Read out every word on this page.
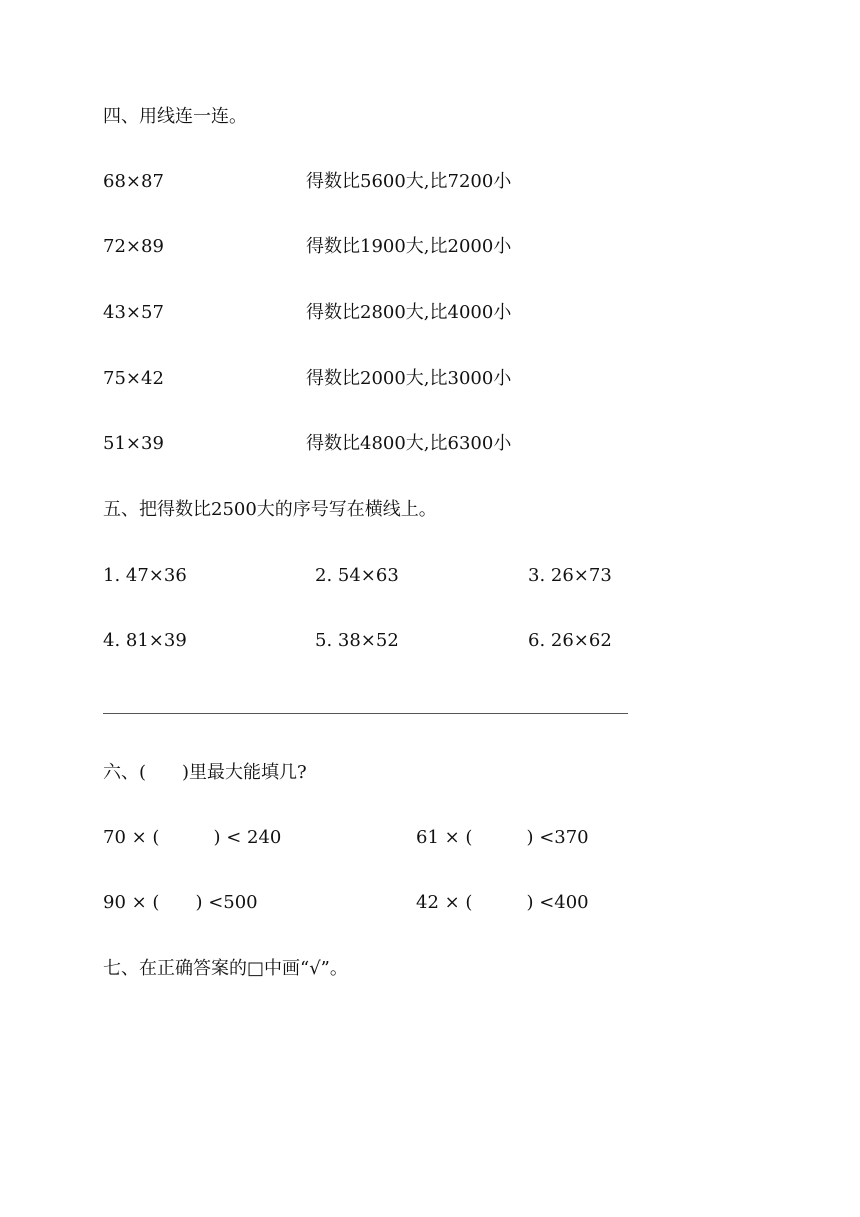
四、用线连一连。
68×87	得数比5600大,比7200小
72×89	得数比1900大,比2000小
43×57	得数比2800大,比4000小
75×42	得数比2000大,比3000小
51×39	得数比4800大,比6300小
五、把得数比2500大的序号写在横线上。
1. 47×36	2. 54×63	3. 26×73
4. 81×39	5. 38×52	6. 26×62
六、(　　)里最大能填几?
70 × (　　　) < 240	61 × (　　　) <370
90 × (　　) <500	42 × (　　　) <400
七、在正确答案的□中画“√”。
